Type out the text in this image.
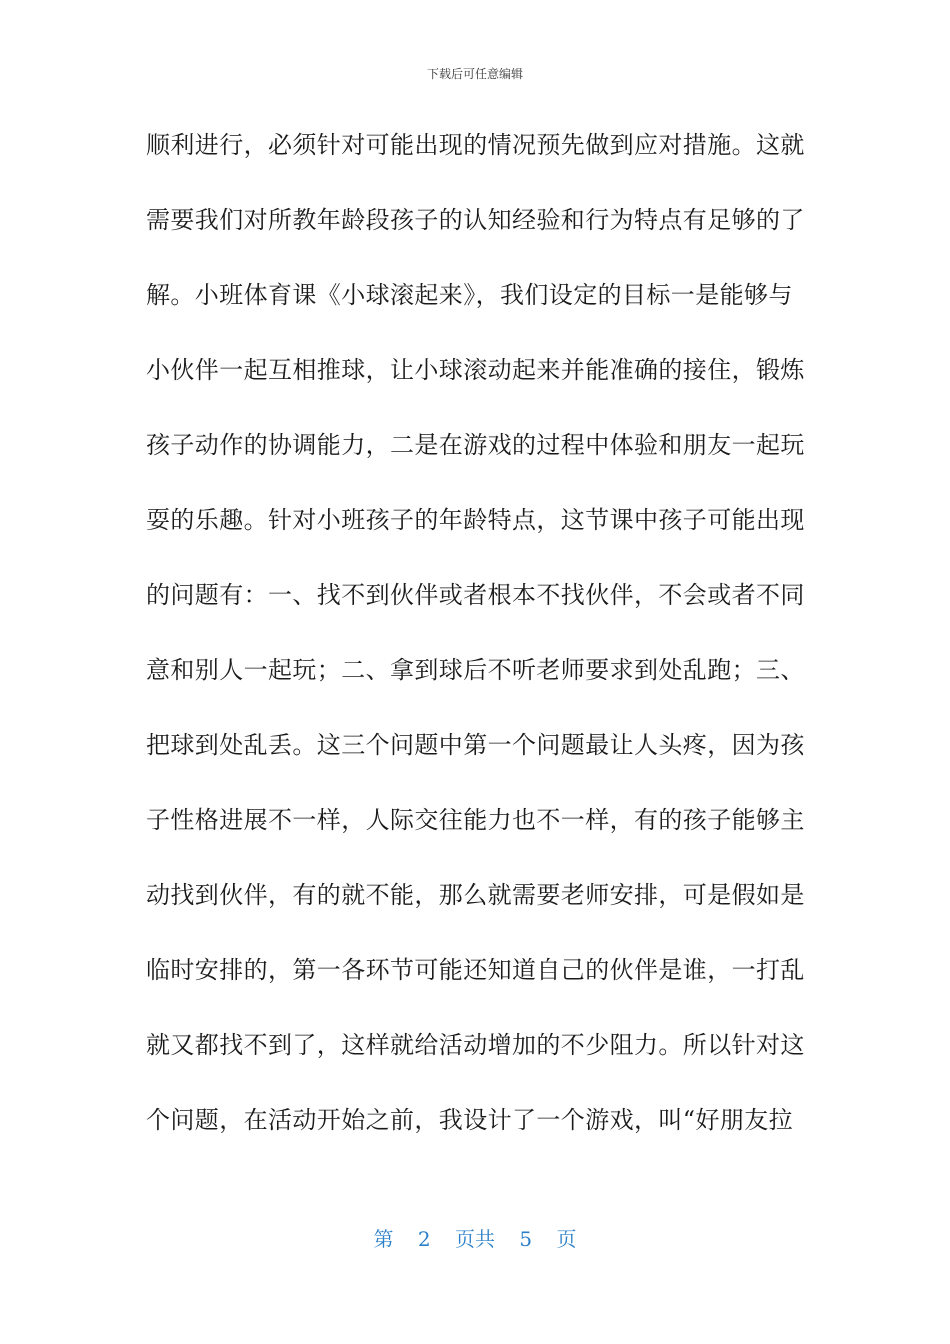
下载后可任意编辑
顺利进行，必须针对可能出现的情况预先做到应对措施。这就
需要我们对所教年龄段孩子的认知经验和行为特点有足够的了
解。小班体育课《小球滚起来》，我们设定的目标一是能够与
小伙伴一起互相推球，让小球滚动起来并能准确的接住，锻炼
孩子动作的协调能力，二是在游戏的过程中体验和朋友一起玩
耍的乐趣。针对小班孩子的年龄特点，这节课中孩子可能出现
的问题有：一、找不到伙伴或者根本不找伙伴，不会或者不同
意和别人一起玩；二、拿到球后不听老师要求到处乱跑；三、
把球到处乱丢。这三个问题中第一个问题最让人头疼，因为孩
子性格进展不一样，人际交往能力也不一样，有的孩子能够主
动找到伙伴，有的就不能，那么就需要老师安排，可是假如是
临时安排的，第一各环节可能还知道自己的伙伴是谁，一打乱
就又都找不到了，这样就给活动增加的不少阻力。所以针对这
个问题，在活动开始之前，我设计了一个游戏，叫“好朋友拉
第 2 页共 5 页
